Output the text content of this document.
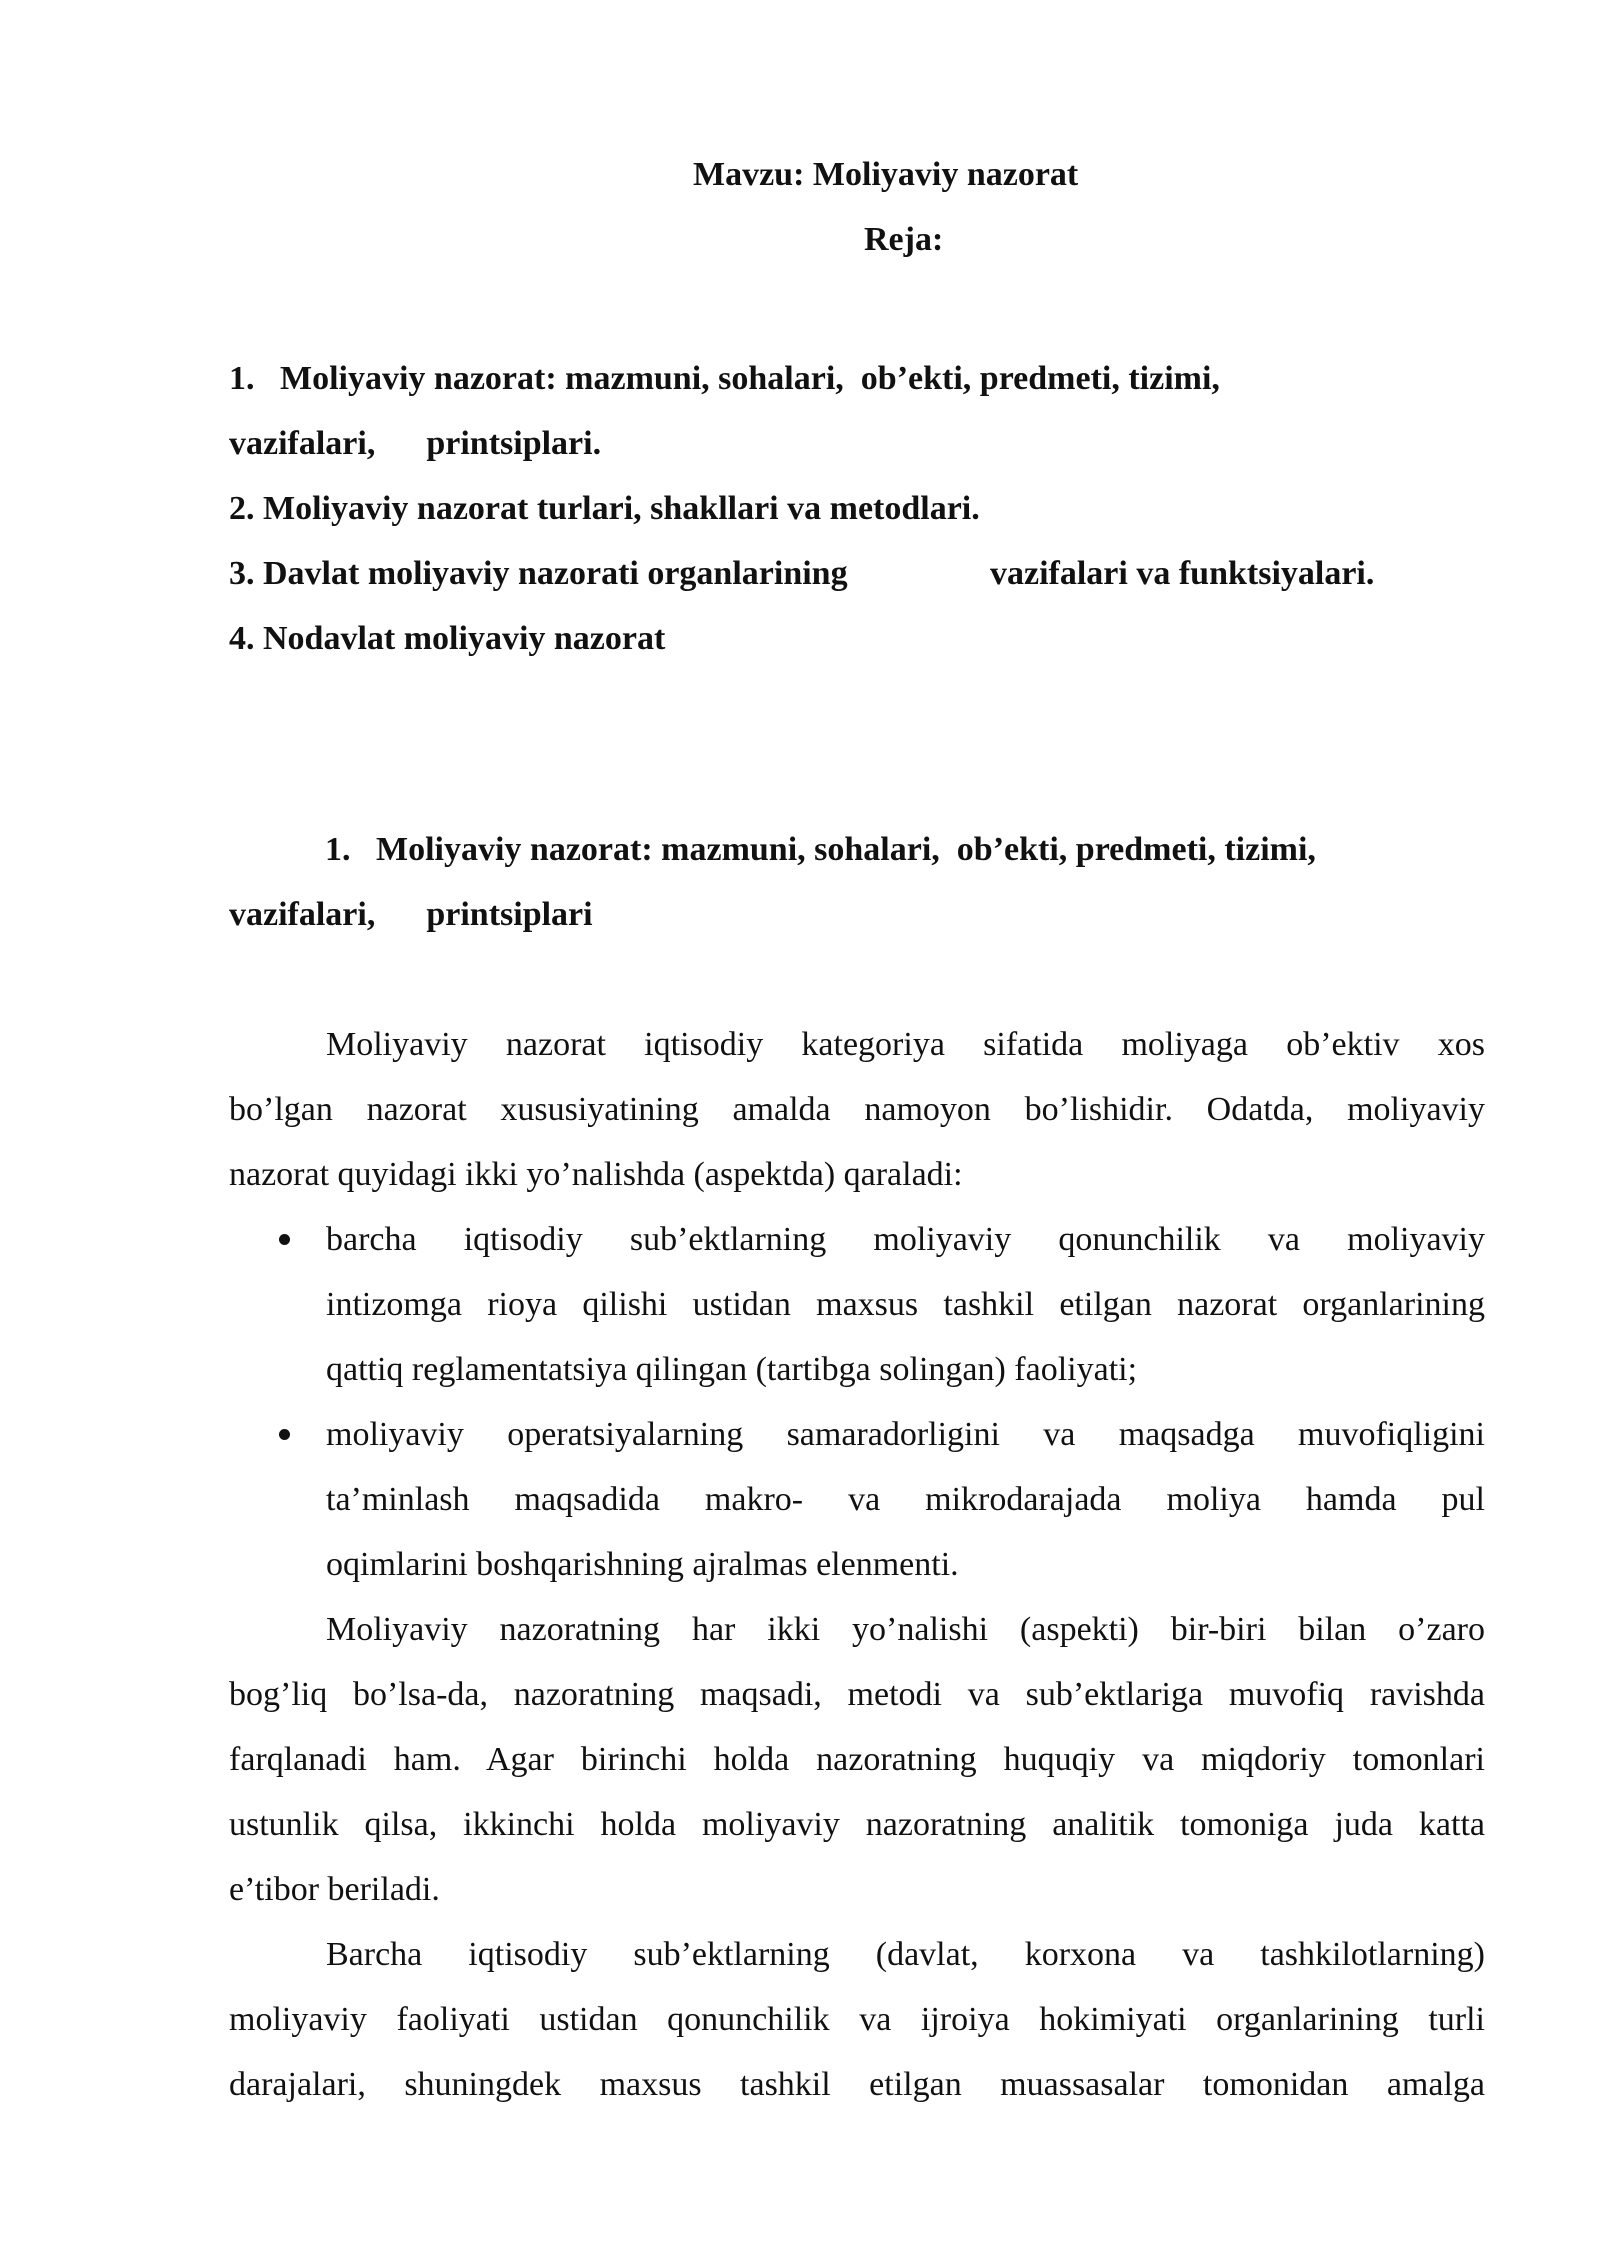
Mavzu: Moliyaviy nazorat
Reja:
1.   Moliyaviy nazorat: mazmuni, sohalari,  ob’ekti, predmeti, tizimi,
vazifalari,      printsiplari.
2. Moliyaviy nazorat turlari, shakllari va metodlari.
3. Davlat moliyaviy nazorati organlarining	vazifalari va funktsiyalari.
4. Nodavlat moliyaviy nazorat
1.   Moliyaviy nazorat: mazmuni, sohalari,  ob’ekti, predmeti, tizimi,
vazifalari,      printsiplari
Moliyaviy nazorat iqtisodiy kategoriya sifatida moliyaga ob’ektiv xos
bo’lgan nazorat xususiyatining amalda namoyon bo’lishidir. Odatda, moliyaviy
nazorat quyidagi ikki yo’nalishda (aspektda) qaraladi:
barcha iqtisodiy sub’ektlarning moliyaviy qonunchilik va moliyaviy
intizomga rioya qilishi ustidan maxsus tashkil etilgan nazorat organlarining
qattiq reglamentatsiya qilingan (tartibga solingan) faoliyati;
moliyaviy operatsiyalarning samaradorligini va maqsadga muvofiqligini
ta’minlash maqsadida makro- va mikrodarajada moliya hamda pul
oqimlarini boshqarishning ajralmas elenmenti.
Moliyaviy nazoratning har ikki yo’nalishi (aspekti) bir-biri bilan o’zaro
bog’liq bo’lsa-da, nazoratning maqsadi, metodi va sub’ektlariga muvofiq ravishda
farqlanadi ham. Agar birinchi holda nazoratning huquqiy va miqdoriy tomonlari
ustunlik qilsa, ikkinchi holda moliyaviy nazoratning analitik tomoniga juda katta
e’tibor beriladi.
Barcha iqtisodiy sub’ektlarning (davlat, korxona va tashkilotlarning)
moliyaviy faoliyati ustidan qonunchilik va ijroiya hokimiyati organlarining turli
darajalari, shuningdek maxsus tashkil etilgan muassasalar tomonidan amalga
